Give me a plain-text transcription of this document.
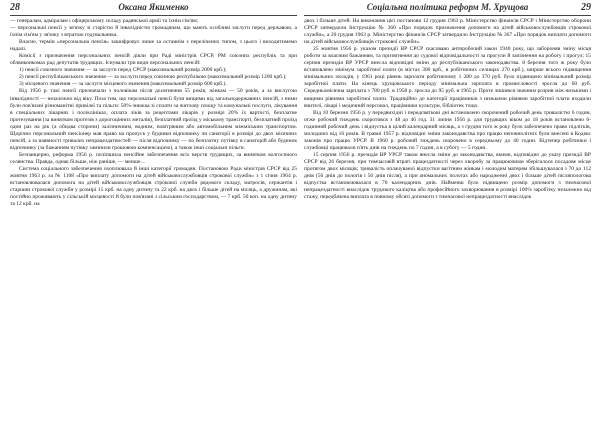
28	Оксана Якименко

— генералам, адміралам і офіцерському складу радянської армії та їхнім сім'ям;

— персональні пенсії у зв'язку зі старістю й інвалідністю громадянам, що мають особливі заслуги перед державою, а їхнім сім'ям у зв'язку з втратою годувальника.

Власне, термін «персональна пенсія» зашифровує лише за останнім з перелічених типом, з цього і виходитимемо надалі.

Комісії з призначення персональних пенсій діяли при Раді міністрів СРСР, РМ союзних республік та при облвиконкомах рад депутатів трудящих. Існували три види персональних пенсій:

1) пенсії союзного значення — за заслуги перед СРСР (максимальний розмір 2000 крб.);

2) пенсії республіканського значення — за заслуги перед союзною республікою (максимальний розмір 1200 крб.);

3) місцевого значення — за заслуги місцевого значення (максимальний розмір 600 крб.).

Від 1956 р. такі пенсії призначали з чоловікам після досягнення 55 років, жінкам — 50 років, а за вислугою інвалідності — незалежно від віку. Поза тим, що персональні пенсії були вищими від загальнодержавних пенсій, з ними були пов'язані різноманітні привілеї та пільги: 50%-знижка зі сплати за житлову площу та комунальні послуги, лікування в спеціальних лікарнях і поліклініках, оплата ліків за рецептами лікарів у розмірі 20% їх вартості, безплатне протезування (за винятком протезів з дорогоцінних металів), безплатний проїзд у міському транспорті, безплатний проїзд один раз на рік (а обидва сторони) залізничним, водним, повітряним або автомобільним міжміським транспортом. Щорічно персональний пенсіонер мав право на пропуск у будинки відпочинку чи санаторії в розмірі до двох місячних пенсій, а за наявності тривалих непрацездатностей — після відпочинку — по безплатну путівку в санаторій або будинок відпочинку (за бажанням путівку замінили грошовою компенсацією), а також інші соціальні пільги.

Безпанцерно, реформа 1956 р. поліпшила пенсійне забезпечення всіх верств трудящих, за винятком колгоспного селянства. Правда, однак більше, ніж раніше, — менше…

Система соціального забезпечення охоплювала й інші категорії громадян. Постановою Ради міністрів СРСР від 25 жовтня 1963 р. за № 1108 «Про виплату допомоги на дітей військовослужбовців строкової служби» з 1 січня 1964 р. встановлювалася допомога на дітей військовослужбовців строкової служби рядового складу, матросів, сержантів і старшин строкової служби у розмірі 15 крб. на одну дитину та 22 крб. на двох і більше дітей на місяць, а дружинам, які постійно проживають у сільській місцевості й були пов'язані з сільським господарством, — 7 крб. 50 коп. на одну дитину та 12 крб. на

Соціальна політика реформ М. Хрущова	29

двох і більше дітей. На виконання цієї постанови 12 грудня 1963 р. Міністерство фінансів СРСР і Міністерство оборони СРСР затвердили Інструкцію № 360 «Про порядок призначення допомоги на дітей військовослужбовців строкової служби», а 20 грудня 1963 р. Міністерство фінансів СРСР затвердило Інструкцію № 367 «Про порядок виплати допомоги на дітей військовослужбовців строкової служби».

25 жовтня 1956 р. указом президії ВР СРСР скасовано антиробочий закон 1940 року, що забороняв зміну місця роботи за власним бажанням, та притягнення до судової відповідальності за прогули й запізнення на роботу і прогул; 15 серпня президія ВР УРСР внесла відповідні зміни до республіканського законодавства. 8 березня того ж року було встановлено мінімум заробітної плати (в містах 300 крб., в робітничих селищах 270 крб.), ширше всього підвищення мінімальних окладів, у 1961 році рівень зарплати робітничому 1 280 до 370 руб. було підвищено мінімальний розмір заробітної плати. На кінець хрущовського періоду мінімальна зарплата в промисловості зросла до 60 руб. Середньомісячна зарплата з 780 руб. в 1958 р. зросла до 95 руб. в 1965 р. Проте лишився значним розрив між низькими і вищими рівнями заробітної плати. Традиційно до категорії працівників з низькими рівнями заробітної плати входили вчителі, лікарі і медичний персонал, працівники культури, бібліотек тощо.

Від 10 березня 1956 р. у передвихідні і передсвяткові дні встановлено скорочений робочий день тривалістю 6 годин, отже робочий тиждень скоротився з 48 до 46 год. 31 липня 1956 р. для трудящих віком до 18 років встановлено 6-годинний робочий день і відпустка в цілий календарний місяць, а з грудня того ж року було забезпечено право підлітків, молодших від 16 років. В травні 1957 р. відповідні зміни законодавства про працю неповнолітніх були внесені в Кодекс законів про працю УРСР. В 1960 р. робочий тиждень скорочено в середньому до 40 годин. Відтепер робітники і службовці працювали п'ять днів на тиждень по 7 годин, а в суботу — 5 годин.

15 серпня 1956 р. президія ВР УРСР також внесла зміни до законодавства, якими, відповідно до указу президії ВР СРСР від 26 березня, при тимчасовій втраті працездатності через хворобу за працюючими зберігалося посадове місце протягом двох місяців; тривалість оплачуваної відпустки вагітним жінкам і молодим матерям збільшувалася з 70 до 112 днів (56 днів до пологів і 56 днів після), а при аномальних пологах або народженні двох і більше дітей післяпологова відпустка встановлювалася в 70 календарних днів. Найменш було підвищено розмір допомоги з тимчасової непрацездатності внаслідок трудового каліцтва або професійного захворювання в розмірі 100% заробітку незалежно від стажу, передбачена виплата в повному обсязі допомоги з тимчасової непрацездатності внаслідок
